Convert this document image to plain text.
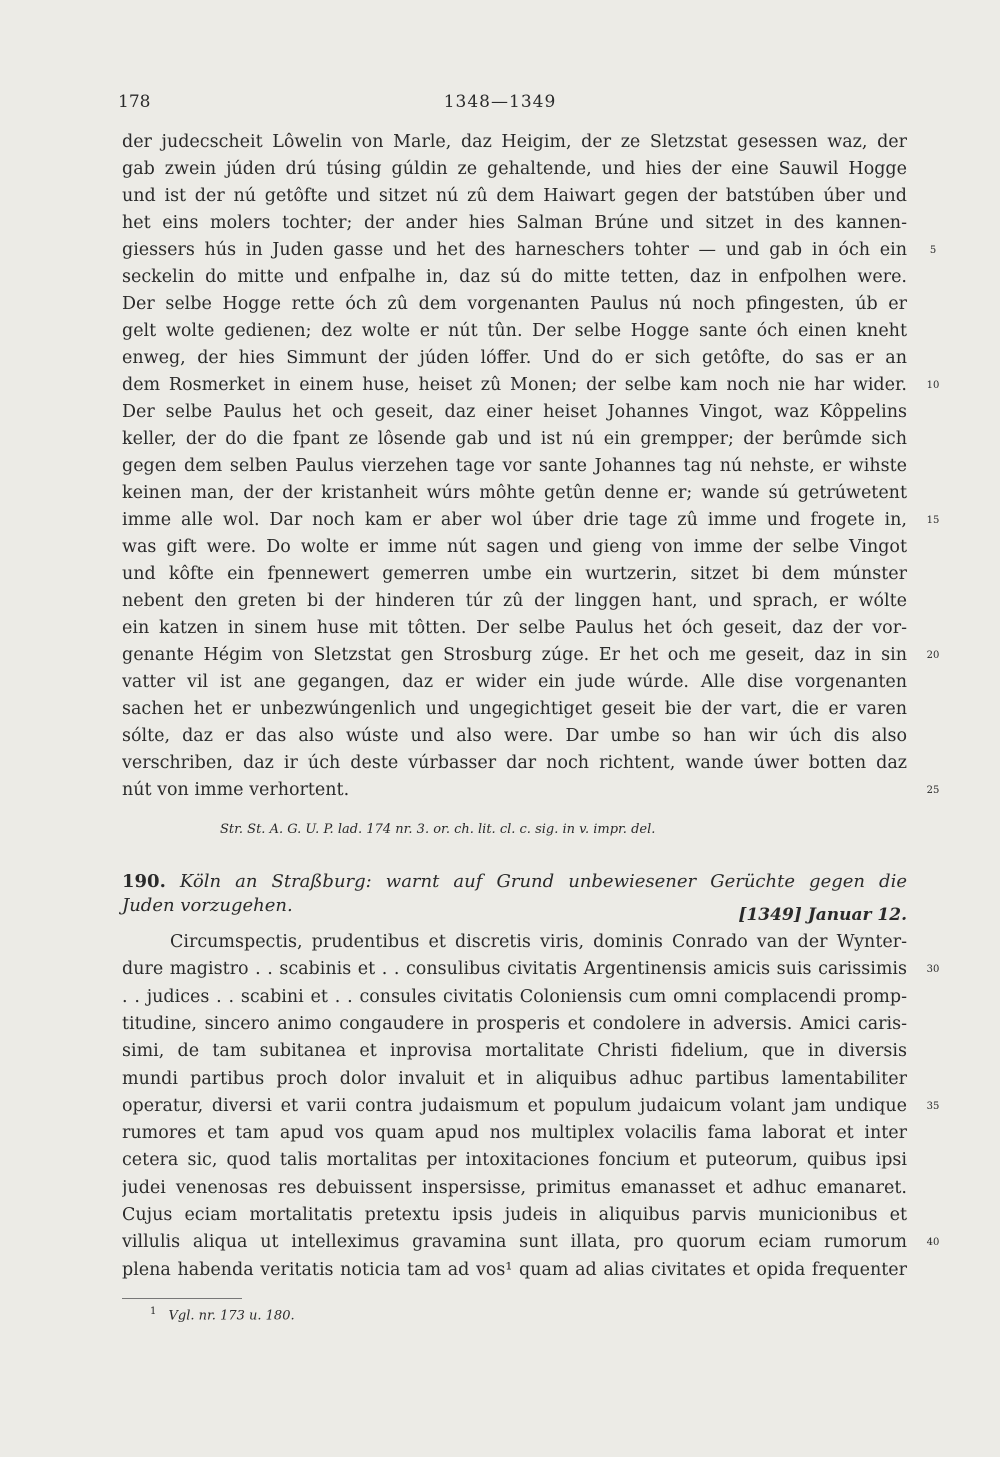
178	1348—1349
der judecscheit Lôwelin von Marle, daz Heigim, der ze Sletzstat gesessen waz, der
gab zwein júden drú túsing gúldin ze gehaltende, und hies der eine Sauwil Hogge
und ist der nú getôfte und sitzet nú zû dem Haiwart gegen der batstúben úber und
het eins molers tochter; der ander hies Salman Brúne und sitzet in des kannen-
giessers hús in Juden gasse und het des harneschers tohter — und gab in óch ein
seckelin do mitte und enfpalhe in, daz sú do mitte tetten, daz in enfpolhen were.
Der selbe Hogge rette óch zû dem vorgenanten Paulus nú noch pfingesten, úb er
gelt wolte gedienen; dez wolte er nút tûn. Der selbe Hogge sante óch einen kneht
enweg, der hies Simmunt der júden lóffer. Und do er sich getôfte, do sas er an
dem Rosmerket in einem huse, heiset zû Monen; der selbe kam noch nie har wider.
Der selbe Paulus het och geseit, daz einer heiset Johannes Vingot, waz Kôppelins
keller, der do die fpant ze lôsende gab und ist nú ein grempper; der berûmde sich
gegen dem selben Paulus vierzehen tage vor sante Johannes tag nú nehste, er wihste
keinen man, der der kristanheit wúrs môhte getûn denne er; wande sú getrúwetent
imme alle wol. Dar noch kam er aber wol úber drie tage zû imme und frogete in,
was gift were. Do wolte er imme nút sagen und gieng von imme der selbe Vingot
und kôfte ein fpennewert gemerren umbe ein wurtzerin, sitzet bi dem múnster
nebent den greten bi der hinderen túr zû der linggen hant, und sprach, er wólte
ein katzen in sinem huse mit tôtten. Der selbe Paulus het óch geseit, daz der vor-
genante Hégim von Sletzstat gen Strosburg zúge. Er het och me geseit, daz in sin
vatter vil ist ane gegangen, daz er wider ein jude wúrde. Alle dise vorgenanten
sachen het er unbezwúngenlich und ungegichtiget geseit bie der vart, die er varen
sólte, daz er das also wúste und also were. Dar umbe so han wir úch dis also
verschriben, daz ir úch deste vúrbasser dar noch richtent, wande úwer botten daz
nút von imme verhortent.
5
10
15
20
25
Str. St. A. G. U. P. lad. 174 nr. 3. or. ch. lit. cl. c. sig. in v. impr. del.
190. Köln an Straßburg: warnt auf Grund unbewiesener Gerüchte gegen die
Juden vorzugehen.	[1349] Januar 12.
Circumspectis, prudentibus et discretis viris, dominis Conrado van der Wynter-
dure magistro . . scabinis et . . consulibus civitatis Argentinensis amicis suis carissimis
. . judices . . scabini et . . consules civitatis Coloniensis cum omni complacendi promp-
titudine, sincero animo congaudere in prosperis et condolere in adversis. Amici caris-
simi, de tam subitanea et inprovisa mortalitate Christi fidelium, que in diversis
mundi partibus proch dolor invaluit et in aliquibus adhuc partibus lamentabiliter
operatur, diversi et varii contra judaismum et populum judaicum volant jam undique
rumores et tam apud vos quam apud nos multiplex volacilis fama laborat et inter
cetera sic, quod talis mortalitas per intoxitaciones foncium et puteorum, quibus ipsi
judei venenosas res debuissent inspersisse, primitus emanasset et adhuc emanaret.
Cujus eciam mortalitatis pretextu ipsis judeis in aliquibus parvis municionibus et
villulis aliqua ut intelleximus gravamina sunt illata, pro quorum eciam rumorum
plena habenda veritatis noticia tam ad vos¹ quam ad alias civitates et opida frequenter
30
35
40
$^1$ Vgl. nr. 173 u. 180.
